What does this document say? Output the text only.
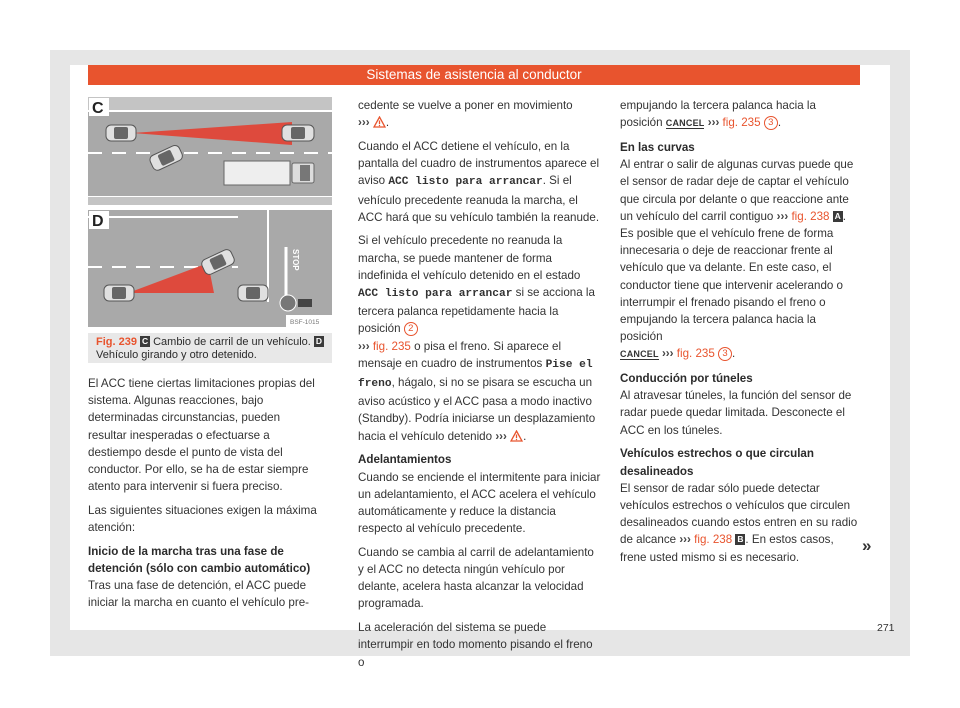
Sistemas de asistencia al conductor
C
D
STOP
BSF-1015
Fig. 239 C Cambio de carril de un vehículo. D
Vehículo girando y otro detenido.

El ACC tiene ciertas limitaciones propias del sistema. Algunas reacciones, bajo determinadas circunstancias, pueden resultar inesperadas o efectuarse a destiempo desde el punto de vista del conductor. Por ello, se ha de estar siempre atento para intervenir si fuera preciso.

Las siguientes situaciones exigen la máxima atención:

Inicio de la marcha tras una fase de detención (sólo con cambio automático)

Tras una fase de detención, el ACC puede iniciar la marcha en cuanto el vehículo pre-

cedente se vuelve a poner en movimiento
››› .

Cuando el ACC detiene el vehículo, en la pantalla del cuadro de instrumentos aparece el aviso ACC listo para arrancar. Si el vehículo precedente reanuda la marcha, el ACC hará que su vehículo también la reanude.

Si el vehículo precedente no reanuda la marcha, se puede mantener de forma indefinida el vehículo detenido en el estado ACC listo para arrancar si se acciona la tercera palanca repetidamente hacia la posición 2
››› fig. 235 o pisa el freno. Si aparece el mensaje en cuadro de instrumentos Pise el freno, hágalo, si no se pisara se escucha un aviso acústico y el ACC pasa a modo inactivo (Standby). Podría iniciarse un desplazamiento hacia el vehículo detenido ››› .

Adelantamientos

Cuando se enciende el intermitente para iniciar un adelantamiento, el ACC acelera el vehículo automáticamente y reduce la distancia respecto al vehículo precedente.

Cuando se cambia al carril de adelantamiento y el ACC no detecta ningún vehículo por delante, acelera hasta alcanzar la velocidad programada.

La aceleración del sistema se puede interrumpir en todo momento pisando el freno o

empujando la tercera palanca hacia la posición CANCEL ››› fig. 235 3 .

En las curvas

Al entrar o salir de algunas curvas puede que el sensor de radar deje de captar el vehículo que circula por delante o que reaccione ante un vehículo del carril contiguo ››› fig. 238 A . Es posible que el vehículo frene de forma innecesaria o deje de reaccionar frente al vehículo que va delante. En este caso, el conductor tiene que intervenir acelerando o interrumpir el frenado pisando el freno o empujando la tercera palanca hacia la posición
CANCEL ››› fig. 235 3 .

Conducción por túneles

Al atravesar túneles, la función del sensor de radar puede quedar limitada. Desconecte el ACC en los túneles.

Vehículos estrechos o que circulan desalineados

El sensor de radar sólo puede detectar vehículos estrechos o vehículos que circulen desalineados cuando estos entren en su radio de alcance ››› fig. 238 B . En estos casos, frene usted mismo si es necesario.

»
271
